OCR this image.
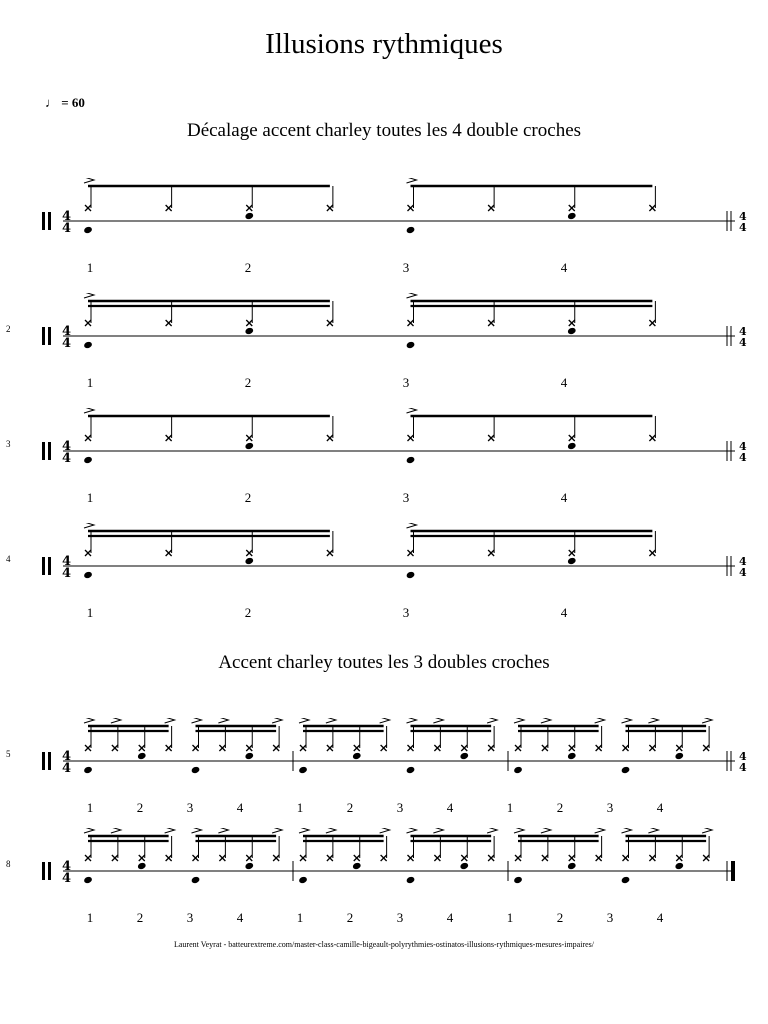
Illusions rythmiques
♩ = 60
Décalage accent charley toutes les 4 double croches
Accent charley toutes les 3 doubles croches
4
4
4
4
1	2	3	4
4
4
4
4
2
1	2	3	4
4
4
4
4
3
1	2	3	4
4
4
4
4
4
1	2	3	4
4
4
4
4
5
1	2	3	4	1	2	3	4	1	2	3	4
4
4
8
1	2	3	4	1	2	3	4	1	2	3	4
Laurent Veyrat - batteurextreme.com/master-class-camille-bigeault-polyrythmies-ostinatos-illusions-rythmiques-mesures-impaires/
